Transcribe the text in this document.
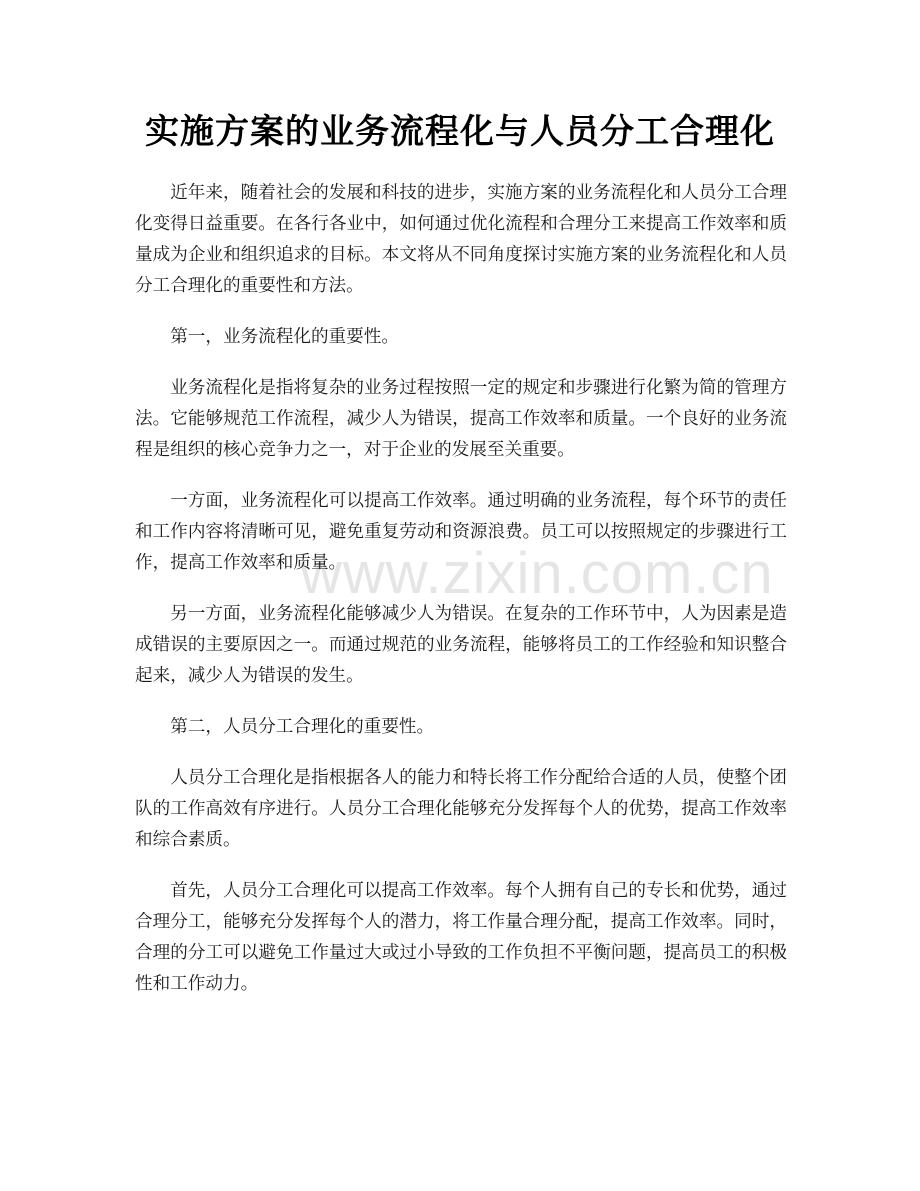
实施方案的业务流程化与人员分工合理化

近年来，随着社会的发展和科技的进步，实施方案的业务流程化和人员分工合理化变得日益重要。在各行各业中，如何通过优化流程和合理分工来提高工作效率和质量成为企业和组织追求的目标。本文将从不同角度探讨实施方案的业务流程化和人员分工合理化的重要性和方法。

第一，业务流程化的重要性。

业务流程化是指将复杂的业务过程按照一定的规定和步骤进行化繁为简的管理方法。它能够规范工作流程，减少人为错误，提高工作效率和质量。一个良好的业务流程是组织的核心竞争力之一，对于企业的发展至关重要。

一方面，业务流程化可以提高工作效率。通过明确的业务流程，每个环节的责任和工作内容将清晰可见，避免重复劳动和资源浪费。员工可以按照规定的步骤进行工作，提高工作效率和质量。

另一方面，业务流程化能够减少人为错误。在复杂的工作环节中，人为因素是造成错误的主要原因之一。而通过规范的业务流程，能够将员工的工作经验和知识整合起来，减少人为错误的发生。

第二，人员分工合理化的重要性。

人员分工合理化是指根据各人的能力和特长将工作分配给合适的人员，使整个团队的工作高效有序进行。人员分工合理化能够充分发挥每个人的优势，提高工作效率和综合素质。

首先，人员分工合理化可以提高工作效率。每个人拥有自己的专长和优势，通过合理分工，能够充分发挥每个人的潜力，将工作量合理分配，提高工作效率。同时，合理的分工可以避免工作量过大或过小导致的工作负担不平衡问题，提高员工的积极性和工作动力。

www.zixin.com.cn
